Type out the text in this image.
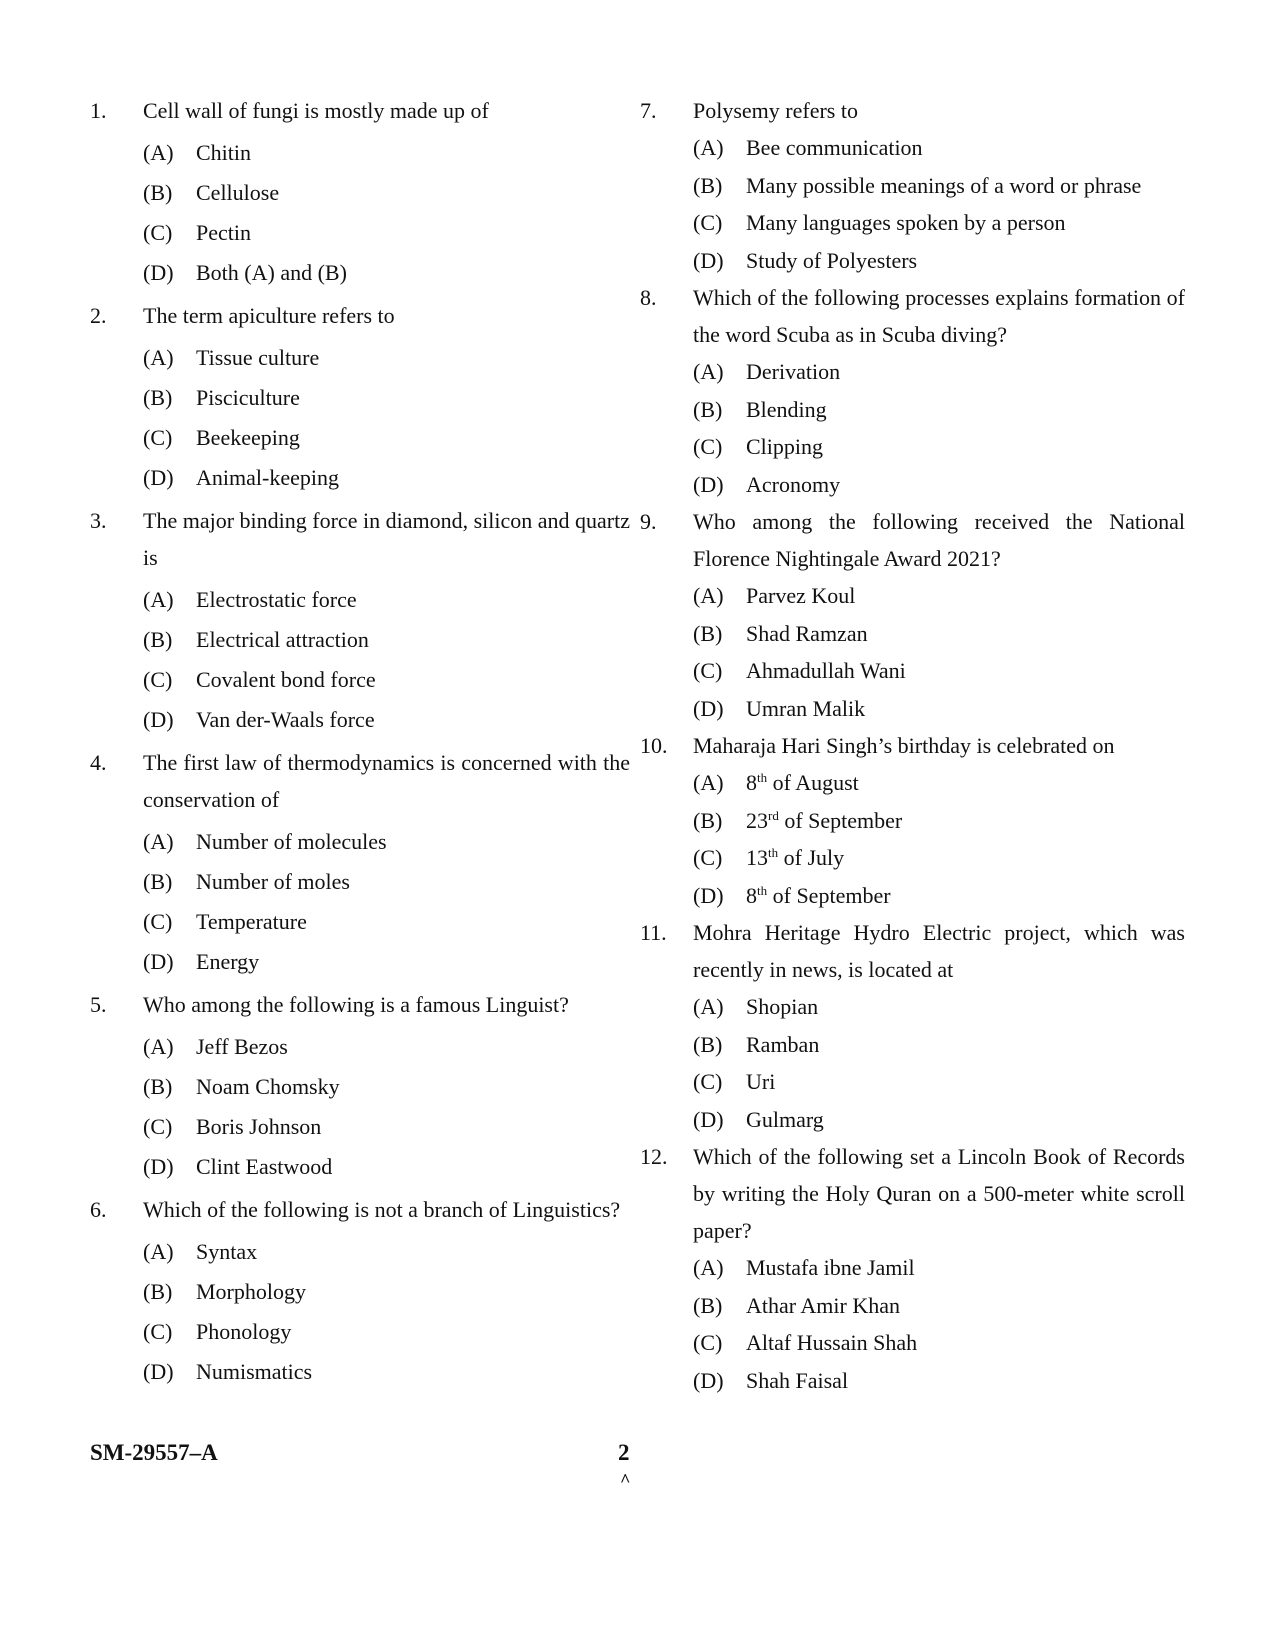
1. Cell wall of fungi is mostly made up of
(A) Chitin
(B) Cellulose
(C) Pectin
(D) Both (A) and (B)
2. The term apiculture refers to
(A) Tissue culture
(B) Pisciculture
(C) Beekeeping
(D) Animal-keeping
3. The major binding force in diamond, silicon and quartz is
(A) Electrostatic force
(B) Electrical attraction
(C) Covalent bond force
(D) Van der-Waals force
4. The first law of thermodynamics is concerned with the conservation of
(A) Number of molecules
(B) Number of moles
(C) Temperature
(D) Energy
5. Who among the following is a famous Linguist?
(A) Jeff Bezos
(B) Noam Chomsky
(C) Boris Johnson
(D) Clint Eastwood
6. Which of the following is not a branch of Linguistics?
(A) Syntax
(B) Morphology
(C) Phonology
(D) Numismatics
7. Polysemy refers to
(A) Bee communication
(B) Many possible meanings of a word or phrase
(C) Many languages spoken by a person
(D) Study of Polyesters
8. Which of the following processes explains formation of the word Scuba as in Scuba diving?
(A) Derivation
(B) Blending
(C) Clipping
(D) Acronomy
9. Who among the following received the National Florence Nightingale Award 2021?
(A) Parvez Koul
(B) Shad Ramzan
(C) Ahmadullah Wani
(D) Umran Malik
10. Maharaja Hari Singh’s birthday is celebrated on
(A) 8th of August
(B) 23rd of September
(C) 13th of July
(D) 8th of September
11. Mohra Heritage Hydro Electric project, which was recently in news, is located at
(A) Shopian
(B) Ramban
(C) Uri
(D) Gulmarg
12. Which of the following set a Lincoln Book of Records by writing the Holy Quran on a 500-meter white scroll paper?
(A) Mustafa ibne Jamil
(B) Athar Amir Khan
(C) Altaf Hussain Shah
(D) Shah Faisal
SM-29557–A	2
^
